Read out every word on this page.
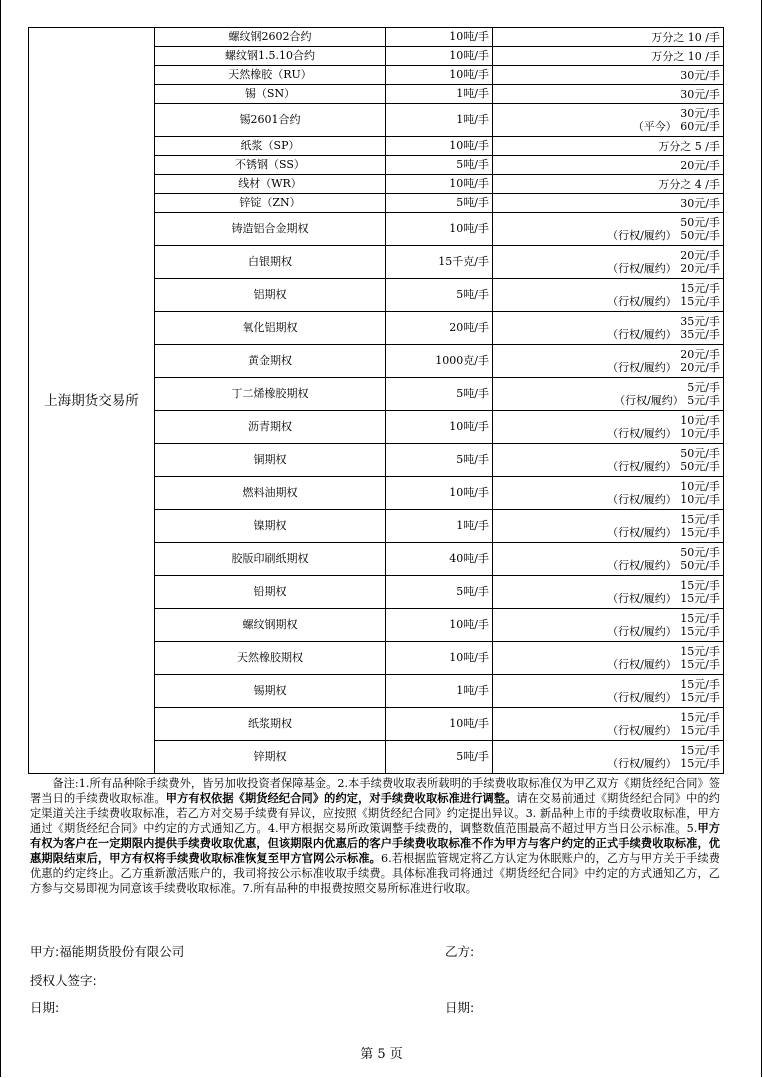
上海期货交易所	螺纹钢2602合约	10吨/手	万分之 10 /手

	螺纹钢1.5.10合约	10吨/手	万分之 10 /手

	天然橡胶（RU）	10吨/手	30元/手

	锡（SN）	1吨/手	30元/手

	锡2601合约	1吨/手	30元/手
（平今） 60元/手

	纸浆（SP）	10吨/手	万分之 5 /手

	不锈钢（SS）	5吨/手	20元/手

	线材（WR）	10吨/手	万分之 4 /手

	锌锭（ZN）	5吨/手	30元/手

	铸造铝合金期权	10吨/手	50元/手
（行权/履约） 50元/手

	白银期权	15千克/手	20元/手
（行权/履约） 20元/手

	铝期权	5吨/手	15元/手
（行权/履约） 15元/手

	氧化铝期权	20吨/手	35元/手
（行权/履约） 35元/手

	黄金期权	1000克/手	20元/手
（行权/履约） 20元/手

	丁二烯橡胶期权	5吨/手	5元/手
（行权/履约） 5元/手

	沥青期权	10吨/手	10元/手
（行权/履约） 10元/手

	铜期权	5吨/手	50元/手
（行权/履约） 50元/手

	燃料油期权	10吨/手	10元/手
（行权/履约） 10元/手

	镍期权	1吨/手	15元/手
（行权/履约） 15元/手

	胶版印刷纸期权	40吨/手	50元/手
（行权/履约） 50元/手

	铅期权	5吨/手	15元/手
（行权/履约） 15元/手

	螺纹钢期权	10吨/手	15元/手
（行权/履约） 15元/手

	天然橡胶期权	10吨/手	15元/手
（行权/履约） 15元/手

	锡期权	1吨/手	15元/手
（行权/履约） 15元/手

	纸浆期权	10吨/手	15元/手
（行权/履约） 15元/手

	锌期权	5吨/手	15元/手
（行权/履约） 15元/手
备注:1.所有品种除手续费外，皆另加收投资者保障基金。2.本手续费收取表所载明的手续费收取标准仅为甲乙双方《期货经纪合同》签署当日的手续费收取标准。甲方有权依据《期货经纪合同》的约定，对手续费收取标准进行调整。请在交易前通过《期货经纪合同》中的约定渠道关注手续费收取标准，若乙方对交易手续费有异议，应按照《期货经纪合同》约定提出异议。3. 新品种上市的手续费收取标准，甲方通过《期货经纪合同》中约定的方式通知乙方。4.甲方根据交易所政策调整手续费的，调整数值范围最高不超过甲方当日公示标准。5.甲方有权为客户在一定期限内提供手续费收取优惠，但该期限内优惠后的客户手续费收取标准不作为甲方与客户约定的正式手续费收取标准，优惠期限结束后，甲方有权将手续费收取标准恢复至甲方官网公示标准。6.若根据监管规定将乙方认定为休眠账户的，乙方与甲方关于手续费优惠的约定终止。乙方重新激活账户的，我司将按公示标准收取手续费。具体标准我司将通过《期货经纪合同》中约定的方式通知乙方，乙方参与交易即视为同意该手续费收取标准。7.所有品种的申报费按照交易所标准进行收取。
甲方:福能期货股份有限公司	乙方:
授权人签字:
日期:	日期:
第 5 页
